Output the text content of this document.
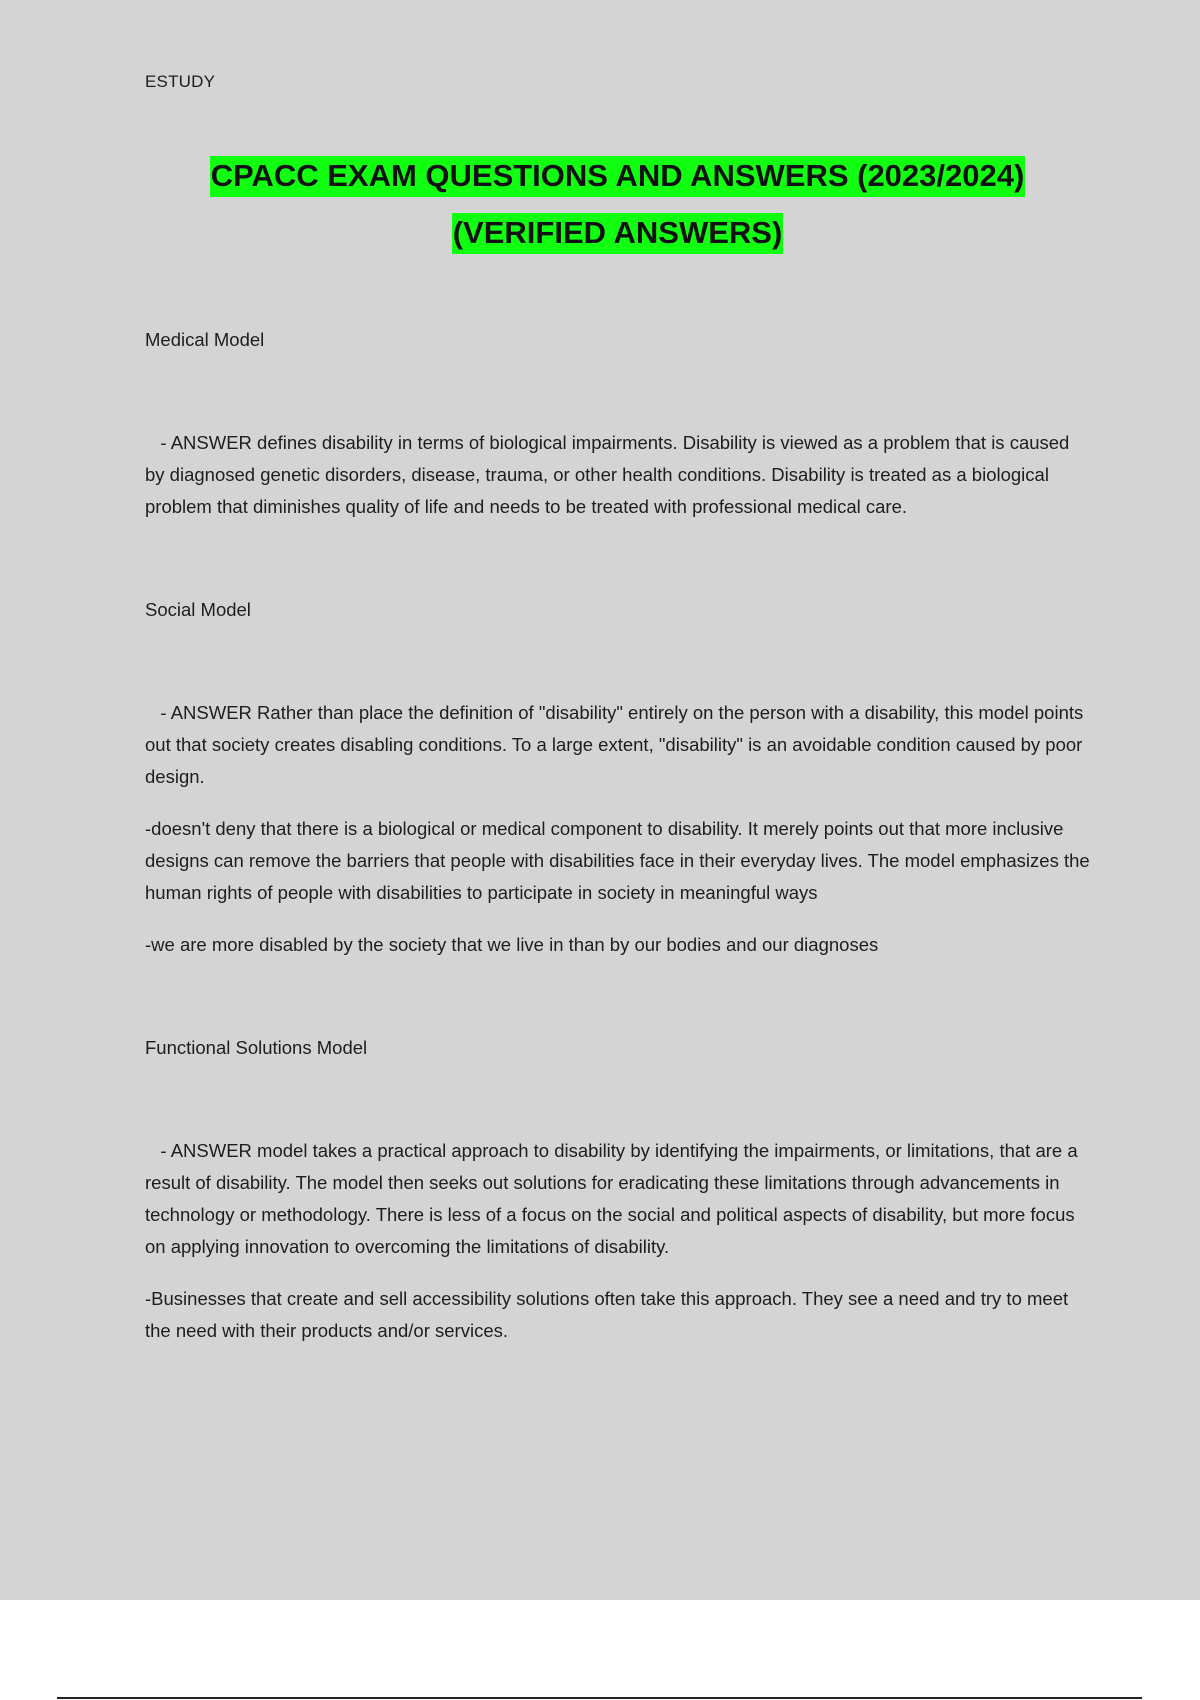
ESTUDY
CPACC EXAM QUESTIONS AND ANSWERS (2023/2024)
(VERIFIED ANSWERS)

Medical Model

- ANSWER defines disability in terms of biological impairments. Disability is viewed as a problem that is caused by diagnosed genetic disorders, disease, trauma, or other health conditions. Disability is treated as a biological problem that diminishes quality of life and needs to be treated with professional medical care.

Social Model

- ANSWER Rather than place the definition of "disability" entirely on the person with a disability, this model points out that society creates disabling conditions. To a large extent, "disability" is an avoidable condition caused by poor design.

-doesn't deny that there is a biological or medical component to disability. It merely points out that more inclusive designs can remove the barriers that people with disabilities face in their everyday lives. The model emphasizes the human rights of people with disabilities to participate in society in meaningful ways

-we are more disabled by the society that we live in than by our bodies and our diagnoses

Functional Solutions Model

- ANSWER model takes a practical approach to disability by identifying the impairments, or limitations, that are a result of disability. The model then seeks out solutions for eradicating these limitations through advancements in technology or methodology. There is less of a focus on the social and political aspects of disability, but more focus on applying innovation to overcoming the limitations of disability.

-Businesses that create and sell accessibility solutions often take this approach. They see a need and try to meet the need with their products and/or services.
